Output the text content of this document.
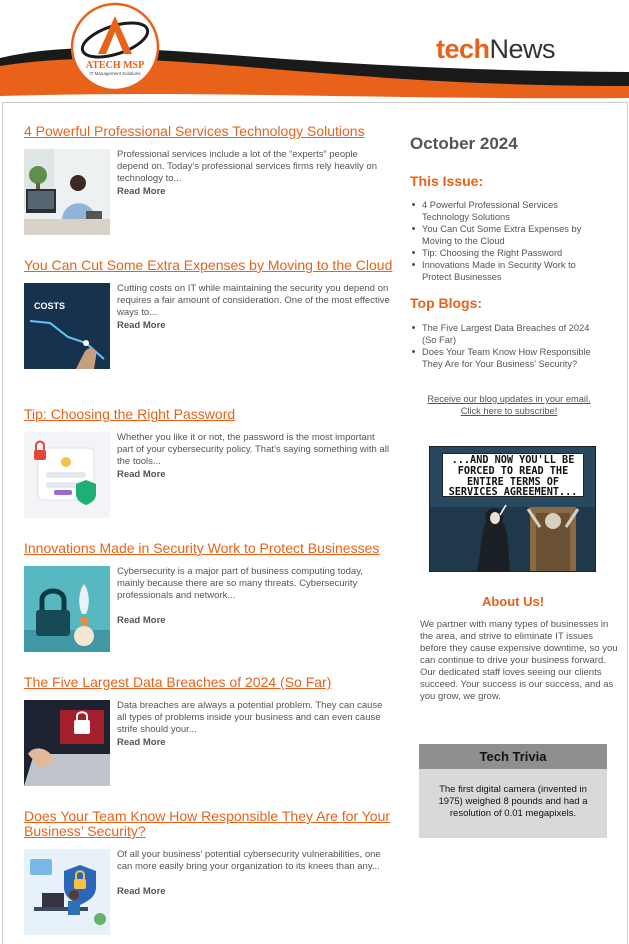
ATECH MSP
IT Management Solutions
techNews
4 Powerful Professional Services Technology Solutions
Professional services include a lot of the “experts” people depend on. Today’s professional services firms rely heavily on technology to...
Read More
You Can Cut Some Extra Expenses by Moving to the Cloud
COSTS
Cutting costs on IT while maintaining the security you depend on requires a fair amount of consideration. One of the most effective ways to...
Read More
Tip: Choosing the Right Password
Whether you like it or not, the password is the most important part of your cybersecurity policy. That’s saying something with all the tools...
Read More
Innovations Made in Security Work to Protect Businesses
Cybersecurity is a major part of business computing today, mainly because there are so many threats. Cybersecurity professionals and network...
Read More
The Five Largest Data Breaches of 2024 (So Far)
Data breaches are always a potential problem. They can cause all types of problems inside your business and can even cause strife should your...
Read More
Does Your Team Know How Responsible They Are for Your Business’ Security?
Of all your business’ potential cybersecurity vulnerabilities, one can more easily bring your organization to its knees than any...
Read More
October 2024
This Issue:
4 Powerful Professional Services Technology Solutions
You Can Cut Some Extra Expenses by Moving to the Cloud
Tip: Choosing the Right Password
Innovations Made in Security Work to Protect Businesses
Top Blogs:
The Five Largest Data Breaches of 2024 (So Far)
Does Your Team Know How Responsible They Are for Your Business’ Security?
Receive our blog updates in your email. Click here to subscribe!
...AND NOW YOU'LL BE FORCED TO READ THE ENTIRE TERMS OF SERVICES AGREEMENT...
About Us!
We partner with many types of businesses in the area, and strive to eliminate IT issues before they cause expensive downtime, so you can continue to drive your business forward. Our dedicated staff loves seeing our clients succeed. Your success is our success, and as you grow, we grow.
Tech Trivia
The first digital camera (invented in 1975) weighed 8 pounds and had a resolution of 0.01 megapixels.
